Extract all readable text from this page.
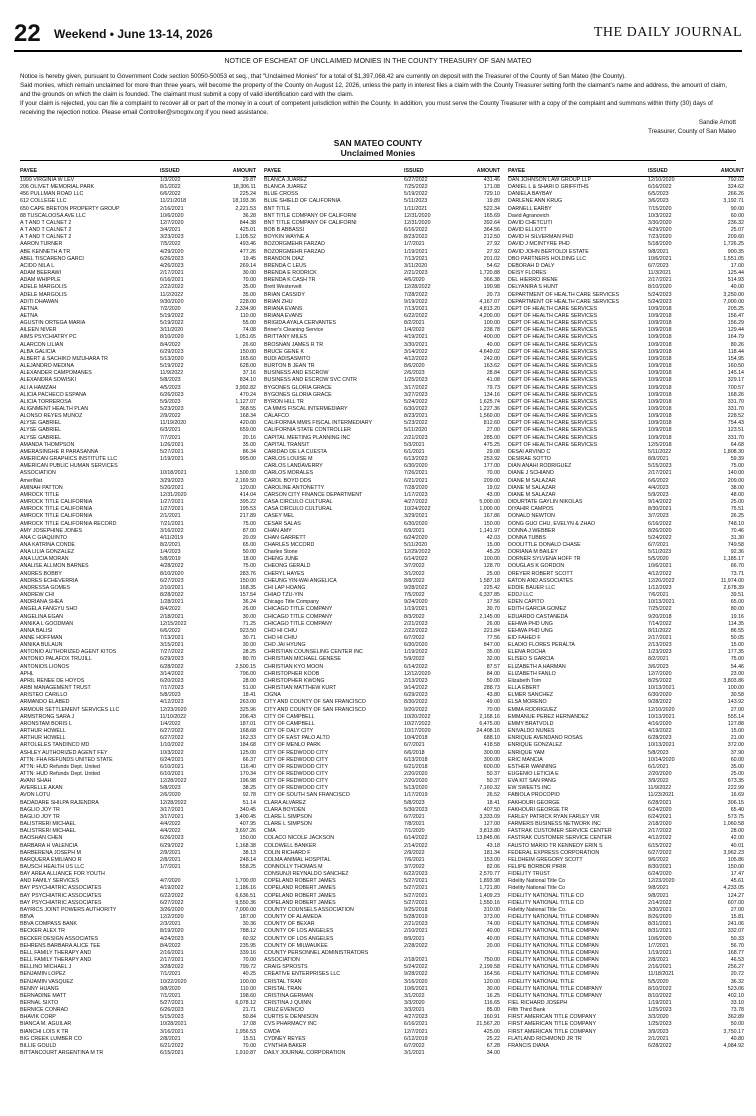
22 Weekend • June 13-14, 2026	THE DAILY JOURNAL
NOTICE OF ESCHEAT OF UNCLAIMED MONIES IN THE COUNTY TREASURY OF SAN MATEO

Notice is hereby given, pursuant to Government Code section 50050-50053 et seq., that "Unclaimed Monies" for a total of $1,397,068.42 are currently on deposit with the Treasurer of the County of San Mateo (the County).

Said monies, which remain unclaimed for more than three years, will become the property of the County on August 12, 2026, unless the party in interest files a claim with the County Treasurer setting forth the claimant's name and address, the amount of claim, and the grounds on which the claim is founded. The claimant must submit a copy of valid identification card with the claim.

If your claim is rejected, you can file a complaint to recover all or part of the money in a court of competent jurisdiction within the County. In addition, you must serve the County Treasurer with a copy of the complaint and summons within thirty (30) days of receiving the rejection notice. Please email Controller@smcgov.org if you need assistance.

Sandie Arnott
Treasurer, County of San Mateo
SAN MATEO COUNTY
Unclaimed Monies
PAYEE	ISSUED	AMOUNT
1999 VIRGINIA W LEV	1/3/2022	29.87
206 OLIVET MEMORIAL PARK	8/1/2022	18,306.11
456 PULLMAN ROAD LLC	6/6/2022	225.24
612 COLLEGE LLC	11/21/2018	18,193.36
650 CAPE BRETON PROPERTY GROUP	2/16/2021	2,221.53
88 TUSCALOOSA AVE LLC	10/6/2020	36.28
A T AND T CALNET 2	12/7/2020	844.38
A T AND T CALNET 2	3/4/2021	425.01
A T AND T CALNET 2	3/23/2023	1,105.52
AARON TURNER	7/5/2022	493.46
ABE KENNETH A TR	4/29/2020	477.26
ABEL TISCARENO GARCI	6/26/2023	19.45
ACIDO NILA L	4/26/2023	269.14
ADAM BEERAWI	2/17/2021	30.00
ADAM WHIPPLE	6/16/2021	70.00
ADELE MARGOLIS	2/22/2022	35.00
ADELE MARGOLIS	11/2/2022	35.00
ADITI DHAWAN	9/30/2020	228.00
AETNA	7/2/2020	2,334.90
AETNA	5/19/2022	110.00
AGUSTIN ORTEGA MARIA	5/19/2022	55.00
AILEEN NIVER	3/11/2020	74.08
AIMS PSYCHIATRY PC	8/10/2020	1,051.65
ALARCON LILIAN	8/4/2022	26.60
ALBA GALICIA	6/29/2023	150.00
ALBERT & SACHIKO MIZUHARA TR	5/13/2020	165.60
ALEJANDRO MEDINA	5/19/2022	628.00
ALEXANDER CAMPOMANES	11/9/2022	37.16
ALEXANDRA SOWISKI	5/8/2023	834.10
ALI A HAMZAH	4/5/2023	3,992.82
ALICIA PACHECO ESPANA	6/26/2023	470.24
ALICIA TORREROSA	5/9/2023	1,127.07
ALIGNMENT HEALTH PLAN	5/23/2023	368.55
ALONSO REYES MUNOZ	2/9/2022	168.34
ALYSE GABRIEL	11/19/2020	420.00
ALYSE GABRIEL	6/3/2021	659.00
ALYSE GABRIEL	7/7/2021	20.16
AMANDA THOMPSON	1/26/2021	35.00
AMERASINGHE R PARASANNA	5/27/2021	86.34
AMERICAN GRAPHICS INSTITUTE LLC	1/19/2021	995.00
AMERICAN PUBLIC HUMAN SERVICES		
ASSOCIATION	10/18/2021	1,500.00
AmeriNat	3/29/2023	2,169.50
AMINAH PATTON	5/20/2021	120.00
AMROCK TITLE	12/31/2020	414.04
AMROCK TITLE CALIFORNIA	1/27/2021	395.22
AMROCK TITLE CALIFORNIA	1/27/2021	195.53
AMROCK TITLE CALIFORNIA	2/1/2021	217.89
AMROCK TITLE CALIFORNIA RECORD	7/21/2021	75.00
AMY JOSEPHINE JONES	3/16/2022	87.00
ANA C GIAQUINTO	4/11/2019	20.09
ANA KATRINA CONDE	8/2/2021	65.00
ANA LILIA GONZALEZ	1/4/2023	50.00
ANA LUCIA MORAN	5/8/2019	18.00
ANALISE ALLMON BARNES	4/28/2022	75.00
ANDRES BOBBY	8/10/2020	283.76
ANDRES ECHEVERRIA	6/27/2023	150.00
ANDRESSA GOMES	2/10/2021	168.35
ANDREW CHI	8/28/2022	157.54
ANDRIANA SHEA	1/28/2021	36.24
ANGELA FANGYU SHO	8/4/2022	26.00
ANGELINA EGAN	2/18/2021	30.00
ANNIKA L GOODMAN	12/15/2022	71.25
ANNA BALISI	6/6/2022	923.50
ANNE HOFFMAN	7/13/2021	30.71
ANNIKA BULAUN	3/15/2021	30.00
ANTONIO AUTHORIZED AGENT KITOS	7/27/2022	28.25
ANTONIO PALAFOX TRUJILL	6/29/2023	80.70
ANTONIOS LIONOS	6/28/2022	2,500.15
APHL	3/14/2022	796.00
APRIL RENEE DE HOYOS	6/20/2023	28.00
ARBI MANAGEMENT TRUST	7/17/2023	51.00
ARISTEO CARILLO	5/8/2023	18.41
ARMANDO ELABED	4/12/2023	263.00
ARMOUR SETTLEMENT SERVICES LLC	12/23/2020	325.96
ARMSTRONG SARA J	11/10/2022	206.43
ARONSTAM BORIS L	1/4/2022	187.01
ARTHUR HOWELL	6/27/2022	168.68
ARTHUR HOWELL	6/27/2022	162.33
ARTOLELES TANDINCO MD	1/10/2022	184.68
ASHLEY AUTHORIZED AGENT FEY	10/3/2022	125.00
ATTN: FHA REFUNDS UNITED STATE	6/24/2021	66.37
ATTN: HUD Refunds Dept. United	6/10/2021	116.40
ATTN: HUD Refunds Dept. United	6/10/2021	170.34
AVANI SHAH	12/28/2022	196.98
AVERELLE AKAN	5/8/2023	38.25
AVON LOTU	2/6/2020	92.78
BADADARE SHILPA RAJENDRA	12/28/2022	51.14
BAGLIO JOY TR	3/17/2021	340.45
BAGLIO JOY TR	3/17/2021	3,400.45
BALISTRERI MICHAEL	4/4/2022	407.95
BALISTRERI MICHAEL	4/4/2022	3,697.26
BAOSHAN CHEN	6/26/2023	150.00
BARBARA H VALENCIA	6/29/2022	1,168.38
BARBERENA JOSEPH M	2/9/2021	38.13
BARQUERA EMILIANO R	2/8/2021	248.14
BAUSCH HEALTH US LLC	1/7/2021	558.25
BAY AREA ALLIANCE FOR YOUTH		
AND FAMILY SERVICES	4/7/2020	1,700.00
BAY PSYCHIATRIC ASSOCIATES	4/19/2022	1,186.16
BAY PSYCHIATRIC ASSOCIATES	6/22/2022	6,636.51
BAY PSYCHIATRIC ASSOCIATES	6/27/2022	9,550.36
BAYRICS JOINT POWERS AUTHORITY	3/26/2020	7,000.00
BBVA	12/2/2020	187.00
BBVA COMPASS BANK	2/3/2021	30.36
BECKER ALEX TR	8/19/2020	788.12
BECKER DESIGN ASSOCIATES	4/24/2023	60.92
BEHRENS BARBARA ALICE TEE	8/4/2022	235.95
BELL FAMILY THERAPY AND	2/16/2021	339.16
BELL FAMILY THERAPY AND	2/17/2021	70.00
BELLINO MICHAEL J	3/28/2022	799.72
BENJAMIN LOPEZ	7/1/2021	40.25
BENJAMIN VASQUEZ	10/22/2020	100.00
BENNY HUANG	9/8/2020	110.00
BERNADINE MATT	7/1/2021	198.60
BERNAL SIXTO	5/27/2021	6,078.12
BERNICE CONRAD	6/26/2023	21.71
BHAVIK CORP	5/15/2023	50.84
BIANCA M. AGUILAR	10/28/2021	17.08
BIANCHI LOIS K TR	3/16/2021	1,956.53
BIG CREEK LUMBER CO	2/8/2021	15.51
BILLIE GOULD	6/21/2022	70.00
BITTANCOURT ARGENTINA M TR	6/15/2021	1,910.87
PAYEE	ISSUED	AMOUNT
BLANCA JUAREZ	6/27/2022	431.46
BLANCA JUAREZ	7/25/2022	171.08
BLUE CROSS	5/19/2022	729.10
BLUE SHIELD OF CALIFORNIA	5/11/2023	19.89
BNT TITLE	1/11/2021	522.34
BNT TITLE COMPANY OF CALIFORNI	12/31/2020	165.69
BNT TITLE COMPANY OF CALIFORNI	12/31/2020	392.64
BOB B ABBASSI	6/16/2022	364.56
BOYKIN WAYNE A	8/23/2022	212.50
BOZORGMEHR FARZAD	1/7/2021	27.92
BOZORGMEHR FARZAD	1/19/2021	27.92
BRANDON DIAZ	7/13/2021	201.02
BRENDA C LEUS	3/11/2020	54.62
BRENDA E RODRICK	2/21/2023	1,720.88
BRENDA K CASH TR	4/6/2020	366.38
Brett Westervelt	12/28/2022	190.98
BRIAN CASSIDY	7/28/2022	20.73
BRIAN ZHU	9/19/2022	4,167.07
BRIANA EVANS	7/13/2021	4,813.20
BRIANA EVANS	6/22/2022	4,200.00
BRIGIDA AYALA CERVANTES	8/2/2021	100.00
Briner's Cleaning Service	1/4/2022	238.78
BRITTANY MILES	4/19/2021	400.00
BROSNAN JAMES R TR	3/30/2021	40.00
BRUCE GENE K	3/14/2022	4,649.02
BUDI ADISASMITO	4/12/2022	242.00
BURTON B JEAN TR	8/6/2020	163.62
BUSINESS AND ESCROW	2/6/2023	28.84
BUSINESS AND ESCROW SVC CNTR	1/25/2023	41.08
BYGONES GLORIA GRACE	3/17/2022	79.73
BYGONES GLORIA GRACE	3/27/2023	134.16
BYRON HILL TR	5/24/2022	1,625.74
CA MMIS FISCAL INTERMEDIARY	6/30/2022	1,227.36
CALAFCO	8/23/2021	1,560.00
CALIFORNIA MMIS FISCAL INTERMEDIARY	5/23/2022	812.60
CALIFORNIA STATE CONTROLLER	5/11/2020	27.00
CAPITAL MEETING PLANNING INC	2/21/2023	285.00
CAPITAL TRANSIT	5/3/2021	475.25
CARIDAD DE LA CUESTA	6/1/2021	29.08
CARLOS LOUISE M	6/13/2022	253.92
CARLOS LANDAVERRY	6/30/2020	177.00
CARLOS MORALES	7/26/2021	70.00
CAROL BOYD DDS	6/21/2021	209.00
CAROLINE ANTONETTY	7/28/2020	19.02
CARSON CITY FINANCE DEPARTMENT	1/17/2023	43.00
CASA CIRCULO CULTURAL	4/27/2022	5,000.00
CASA CIRCULO CULTURAL	10/24/2022	1,000.00
CASEY MEL	3/29/2021	167.86
CESAR SALAS	6/30/2020	150.00
CHAN AMY	6/9/2021	1,141.97
CHAN GARRETT	6/24/2020	42.03
CHARLES MCCORD	5/11/2020	15.00
Charles Stone	12/29/2022	45.29
CHENG JUNE	6/14/2022	100.00
CHEONG GERALD	3/7/2022	128.70
CHERYL HAYES	3/1/2022	25.00
CHEUNG YIN-WAI ANGELICA	8/8/2022	1,587.18
CHI LAP HOANG	9/28/2022	225.42
CHIAO TZU-YIN	7/5/2022	6,337.85
Chicago Title Company	9/24/2020	17.56
CHICAGO TITLE COMPANY	1/19/2021	30.70
CHICAGO TITLE COMPANY	8/3/2022	2,145.00
CHICAGO TITLE COMPANY	2/21/2023	26.00
CHO HI CHIU	2/22/2022	221.84
CHO HI CHIU	6/7/2022	77.56
CHO JAI HYUNG	6/30/2020	847.00
CHRISTIAN COUNSELING CENTER INC	1/19/2022	35.00
CHRISTIAN MICHAEL GENESE	5/9/2022	32.00
CHRISTIAN KYO MOON	6/14/2022	87.57
CHRISTOPHER KOOB	12/12/2020	84.00
CHRISTOPHER KWONG	2/13/2023	50.00
CHRISTIAN MATTHEW KURT	9/14/2022	288.73
CIGNA	6/29/2023	43.80
CITY AND COUNTY OF SAN FRANCISCO	8/30/2022	49.00
CITY AND COUNTY OF SAN FRANCISCO	9/20/2022	70.00
CITY OF CAMPBELL	10/20/2022	2,168.16
CITY OF CAMPBELL	10/27/2022	6,475.00
CITY OF DALY CITY	10/17/2020	24,408.16
CITY OF EAST PALO ALTO	10/4/2018	688.10
CITY OF MENLO PARK	6/7/2021	418.58
CITY OF REDWOOD CITY	6/6/2018	300.00
CITY OF REDWOOD CITY	6/13/2018	300.00
CITY OF REDWOOD CITY	6/21/2018	600.00
CITY OF REDWOOD CITY	2/20/2020	50.37
CITY OF REDWOOD CITY	2/20/2020	50.37
CITY OF REDWOOD CITY	5/13/2020	7,160.32
CITY OF SOUTH SAN FRANCISCO	1/17/2019	26.52
CLARA ALVAREZ	5/8/2023	18.41
CLARA BOYDEN	5/30/2023	407.50
CLARE L SIMPSON	6/7/2021	3,333.09
CLARE L SIMPSON	7/8/2021	127.00
CMA	7/1/2020	3,813.80
COLACO NICOLE JACKSON	6/14/2022	13,845.06
COLDWELL BANKER	2/14/2022	43.18
COLIN RICHARD F	2/9/2022	181.34
COLMA ANIMAL HOSPITAL	7/6/2021	153.00
CONNOLLY THOMAS M	3/7/2022	82.06
CONSUNJI REYNALDO SANCHEZ	6/22/2023	2,570.77
COPELAND ROBERT JAMES	5/27/2021	1,893.98
COPELAND ROBERT JAMES	5/27/2021	1,721.80
COPELAND ROBERT JAMES	5/27/2021	1,409.23
COPELAND ROBERT JAMES	5/27/2021	1,550.16
COUNTY COUNSELS ASSOCIATION	9/25/2018	310.00
COUNTY OF ALAMEDA	5/28/2019	373.00
COUNTY OF BEXAR	2/21/2023	74.00
COUNTY OF LOS ANGELES	2/10/2021	40.00
COUNTY OF LOS ANGELES	8/9/2021	40.00
COUNTY OF MILWAUKEE	2/28/2022	20.00
COUNTY PERSONNEL ADMINISTRATORS		
ASSOCIATION	2/18/2021	750.00
CRAIG SPROSTS	5/24/2022	2,199.58
CREATIVE ENTERPRISES LLC	9/28/2022	164.56
CRISTAL TRAN	3/16/2020	120.00
CRISTAL TRAN	10/6/2021	30.00
CRISTINA GERMAN	3/1/2022	16.25
CRISTINA J QUINN	3/3/2020	116.65
CRUZ EVENCIO	3/3/2021	85.00
CURTIS E DENNISON	4/27/2023	160.91
CVS PHARMACY INC	6/16/2021	21,567.20
CWDA	12/7/2021	425.00
CYDNEY REYES	6/12/2019	25.22
CYNTHIA BAKER	6/7/2022	67.28
DAILY JOURNAL CORPORATION	3/1/2021	34.00
PAYEE	ISSUED	AMOUNT
DAN JOHNSON LAW GROUP LLP	12/10/2020	792.02
DANIEL L & SHARI D GRIFFITHS	6/16/2022	324.62
DANIELA BAYBAY	6/5/2023	266.26
DARLENE ANN KRUG	3/6/2023	3,192.71
DARNELL EARBY	7/15/2020	90.00
David Agranovich	10/3/2022	60.00
DAVID CHETCUTI	3/30/2020	236.32
DAVID ELLIOTT	4/29/2020	25.07
DAVID H SILVERMAN PHD	7/23/2020	209.60
DAVID J MCINTYRE PHD	5/18/2020	1,726.25
DAVID JOHN BERTOLDI ESTATE	9/8/2021	900.35
DBO PARTNERS HOLDING LLC	10/6/2021	1,551.05
DEBORAH D DALY	6/7/2023	17.00
DEISY FLORES	11/3/2021	125.44
DEL HIERRO IRENE	2/17/2021	514.93
DELYANIRA S HUNT	8/10/2020	40.00
DEPARTMENT OF HEALTH CARE SERVICES	5/24/2023	3,250.00
DEPARTMENT OF HEALTH CARE SERVICES	5/24/2023	7,000.00
DEPT OF HEALTH CARE SERVICES	10/9/2018	205.25
DEPT OF HEALTH CARE SERVICES	10/9/2018	156.47
DEPT OF HEALTH CARE SERVICES	10/9/2018	156.29
DEPT OF HEALTH CARE SERVICES	10/9/2018	129.44
DEPT OF HEALTH CARE SERVICES	10/9/2018	164.79
DEPT OF HEALTH CARE SERVICES	10/9/2018	80.26
DEPT OF HEALTH CARE SERVICES	10/9/2018	118.44
DEPT OF HEALTH CARE SERVICES	10/9/2018	154.95
DEPT OF HEALTH CARE SERVICES	10/9/2018	160.50
DEPT OF HEALTH CARE SERVICES	10/9/2018	145.14
DEPT OF HEALTH CARE SERVICES	10/9/2018	329.17
DEPT OF HEALTH CARE SERVICES	10/9/2018	700.57
DEPT OF HEALTH CARE SERVICES	10/9/2018	168.26
DEPT OF HEALTH CARE SERVICES	10/9/2018	331.70
DEPT OF HEALTH CARE SERVICES	10/9/2018	331.70
DEPT OF HEALTH CARE SERVICES	10/9/2018	228.52
DEPT OF HEALTH CARE SERVICES	10/9/2018	754.43
DEPT OF HEALTH CARE SERVICES	10/9/2018	123.51
DEPT OF HEALTH CARE SERVICES	10/9/2018	331.70
DEPT OF HEALTH CARE SERVICES	12/5/2018	64.68
DESAI ARVIND C	5/11/2022	1,808.30
DESIRAE SOTTO	8/9/2021	59.39
DIAN ANAHI RODRIGUEZ	5/15/2023	75.00
DIANE J SCHIANO	2/17/2021	140.00
DIANE M SALAZAR	6/6/2022	209.00
DIANE M SALAZAR	4/4/2023	38.00
DIANE M SALAZAR	5/9/2023	48.00
DIDURTATE GAYLIN NIKOLAS	9/14/2022	25.00
DIYAHIR CAMPOS	8/30/2021	75.51
DONALD NEWTON	3/7/2023	26.25
DONG GUO CHU, EVELYN & ZHAO	6/16/2022	748.10
DONNA J WEBBER	8/26/2020	70.46
DONNA TUBBS	5/24/2022	31.30
DOOLITTLE DONALD CHASE	6/7/2021	749.58
DORIANA M BAILEY	5/11/2023	92.36
DORNER SYLVENA HOFF TR	5/5/2020	1,185.17
DOUGLAS K GORDON	10/6/2021	66.70
DREYER ROBERT SCOTT	4/12/2022	73.71
EATON AND ASSOCIATES	12/20/2022	11,974.00
EDDIE BAUER LLC	1/12/2023	2,678.39
EDDJ LLC	7/6/2021	39.51
EDEN CAPITO	10/13/2021	65.00
EDITH GARCIA GOMEZ	7/25/2022	80.00
EDUARDO CASTANEDA	9/20/2018	19.16
EEHWA PHD UNG	7/14/2022	114.35
EEHWA PHD UNG	8/11/2022	86.55
EID FAHED F	2/17/2021	50.05
ELADIO FLORES PERALTA	2/13/2023	15.00
ELENA ROCHA	1/23/2023	177.35
ELISEO S GARCIA	8/2/2021	75.00
ELIZABETH A HARMAN	3/6/2023	54.46
ELIZABETH FANLO	12/7/2020	23.00
Elizabeth Tom	8/25/2022	3,803.86
ELLA EBERT	10/13/2021	100.00
ELMER SANCHEZ	6/30/2020	30.58
ELSA MORENO	9/28/2022	143.92
EMMA RODRIGUEZ	12/10/2020	27.00
EMMANUE PEREZ HERNANDEZ	10/13/2021	555.14
EMMY BRATVOLD	4/16/2020	127.88
ENIVALDO NUNES	4/19/2022	15.00
ENRIQUE AVENDANO ROSAS	6/28/2023	21.00
ENRIQUE GONZALEZ	10/13/2021	372.00
ENRIQUE YAM	5/8/2023	37.90
ERIC MANCIA	10/14/2020	60.00
ESTHER WANNING	6/1/2021	35.00
EUGENIO LETICIA E	2/20/2020	25.00
EVA KIT SAN PANG	3/9/2022	673.35
EW SWEETS INC	11/9/2022	222.99
FABIOLA PROCOPIO	11/23/2021	16.69
FAKHOURI GEORGE	6/28/2021	306.15
FAKHOURI GEORGE TR	6/24/2020	65.40
FARLEY PATRICK RYAN FARLEY VIR	6/24/2021	573.75
FARMERS BUSINESS NETWORK INC	2/18/2020	1,060.58
FASTRAK CUSTOMER SERVICE CENTER	2/17/2022	28.00
FASTRAK CUSTOMER SERVICE CENTER	4/12/2022	42.00
FAUSTO MARIO TR KENNEDY ERIN S	6/15/2022	40.01
FEDERAL EXPRESS CORPORATION	6/27/2022	3,962.23
FELDHEIM GREGORY SCOTT	9/6/2022	105.86
FELIPE BORBOR PIRIR	8/30/2021	150.00
FIDELITY TRUST	6/24/2020	17.47
Fidelity National Title Co	12/23/2020	45.61
Fidelity National Title Co	9/8/2021	4,233.05
FIDELITY NATIONAL TITLE CO	9/8/2021	124.27
FIDELITY NATIONAL TITLE CO	2/14/2022	607.00
Fidelity National Title Co.	3/30/2021	27.00
FIDELITY NATIONAL TITLE COMPAN	8/26/2020	15.81
FIDELITY NATIONAL TITLE COMPAN	8/31/2021	241.06
FIDELITY NATIONAL TITLE COMPAN	8/31/2021	332.07
FIDELITY NATIONAL TITLE COMPAN	10/6/2020	50.33
FIDELITY NATIONAL TITLE COMPAN	1/7/2021	56.70
FIDELITY NATIONAL TITLE COMPAN	1/19/2021	168.77
FIDELITY NATIONAL TITLE COMPAN	2/8/2021	46.53
FIDELITY NATIONAL TITLE COMPAN	2/16/2021	256.27
FIDELITY NATIONAL TITLE COMPAN	11/18/2021	20.72
FIDELITY NATIONAL TITLE	5/5/2020	36.32
FIDELITY NATIONAL TITLE COMPANY	8/10/2022	523.06
FIDELITY NATIONAL TITLE COMPANY	8/10/2022	402.10
FIEL RICHARD JOSEPH	1/19/2021	33.10
Fifth Third Bank	1/25/2023	73.78
FIRST AMERICAN TITLE COMPANY	3/3/2020	362.89
FIRST AMERICAN TITLE COMPANY	1/25/2023	50.00
FIRST AMERICAN TITLE COMPANY	3/9/2023	3,750.17
FLATLAND RICHMOND JR TR	2/1/2021	40.80
FRANCIS DIANA	6/28/2022	4,084.92
